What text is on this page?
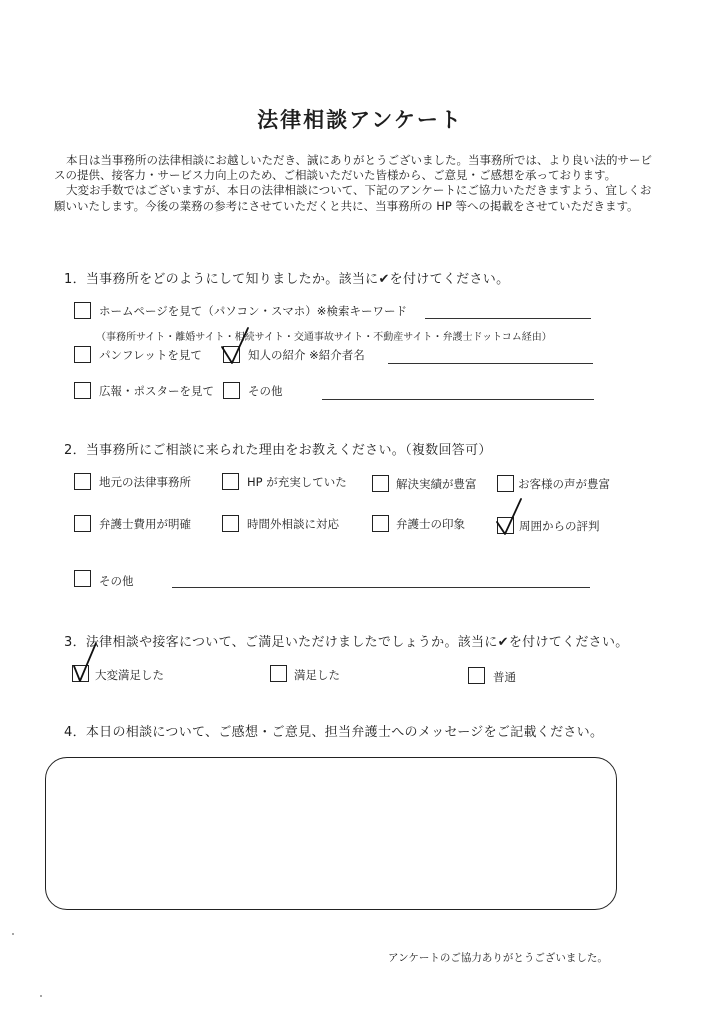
法律相談アンケート

本日は当事務所の法律相談にお越しいただき、誠にありがとうございました。当事務所では、より良い法的サービスの提供、接客力・サービス力向上のため、ご相談いただいた皆様から、ご意見・ご感想を承っております。

大変お手数ではございますが、本日の法律相談について、下記のアンケートにご協力いただきますよう、宜しくお願いいたします。今後の業務の参考にさせていただくと共に、当事務所の HP 等への掲載をさせていただきます。

1．当事務所をどのようにして知りましたか。該当に✔を付けてください。
ホームページを見て（パソコン・スマホ）※検索キーワード
（事務所サイト・離婚サイト・相続サイト・交通事故サイト・不動産サイト・弁護士ドットコム経由）
パンフレットを見て	知人の紹介 ※紹介者名
広報・ポスターを見て	その他
2．当事務所にご相談に来られた理由をお教えください。（複数回答可）
地元の法律事務所	HP が充実していた	解決実績が豊富	お客様の声が豊富
弁護士費用が明確	時間外相談に対応	弁護士の印象	周囲からの評判
その他
3．法律相談や接客について、ご満足いただけましたでしょうか。該当に✔を付けてください。
大変満足した	満足した	普通
4．本日の相談について、ご感想・ご意見、担当弁護士へのメッセージをご記載ください。
アンケートのご協力ありがとうございました。
